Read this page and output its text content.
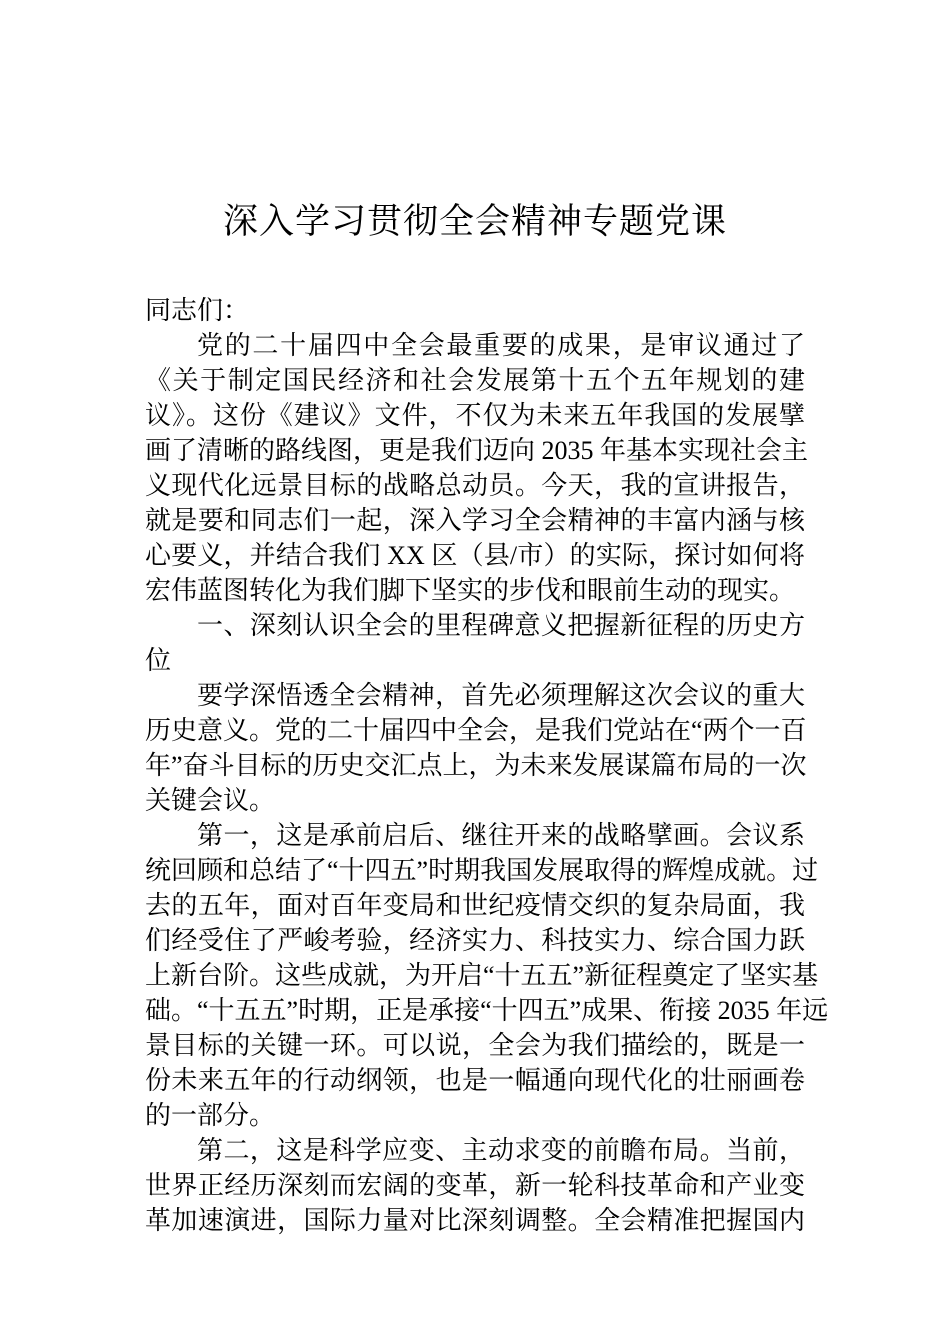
深入学习贯彻全会精神专题党课
同志们：
党的二十届四中全会最重要的成果，是审议通过了
《关于制定国民经济和社会发展第十五个五年规划的建
议》。这份《建议》文件，不仅为未来五年我国的发展擘
画了清晰的路线图，更是我们迈向 2035 年基本实现社会主
义现代化远景目标的战略总动员。今天，我的宣讲报告，
就是要和同志们一起，深入学习全会精神的丰富内涵与核
心要义，并结合我们 XX 区（县/市）的实际，探讨如何将
宏伟蓝图转化为我们脚下坚实的步伐和眼前生动的现实。
一、深刻认识全会的里程碑意义把握新征程的历史方
位
要学深悟透全会精神，首先必须理解这次会议的重大
历史意义。党的二十届四中全会，是我们党站在“两个一百
年”奋斗目标的历史交汇点上，为未来发展谋篇布局的一次
关键会议。
第一，这是承前启后、继往开来的战略擘画。会议系
统回顾和总结了“十四五”时期我国发展取得的辉煌成就。过
去的五年，面对百年变局和世纪疫情交织的复杂局面，我
们经受住了严峻考验，经济实力、科技实力、综合国力跃
上新台阶。这些成就，为开启“十五五”新征程奠定了坚实基
础。“十五五”时期，正是承接“十四五”成果、衔接 2035 年远
景目标的关键一环。可以说，全会为我们描绘的，既是一
份未来五年的行动纲领，也是一幅通向现代化的壮丽画卷
的一部分。
第二，这是科学应变、主动求变的前瞻布局。当前，
世界正经历深刻而宏阔的变革，新一轮科技革命和产业变
革加速演进，国际力量对比深刻调整。全会精准把握国内
